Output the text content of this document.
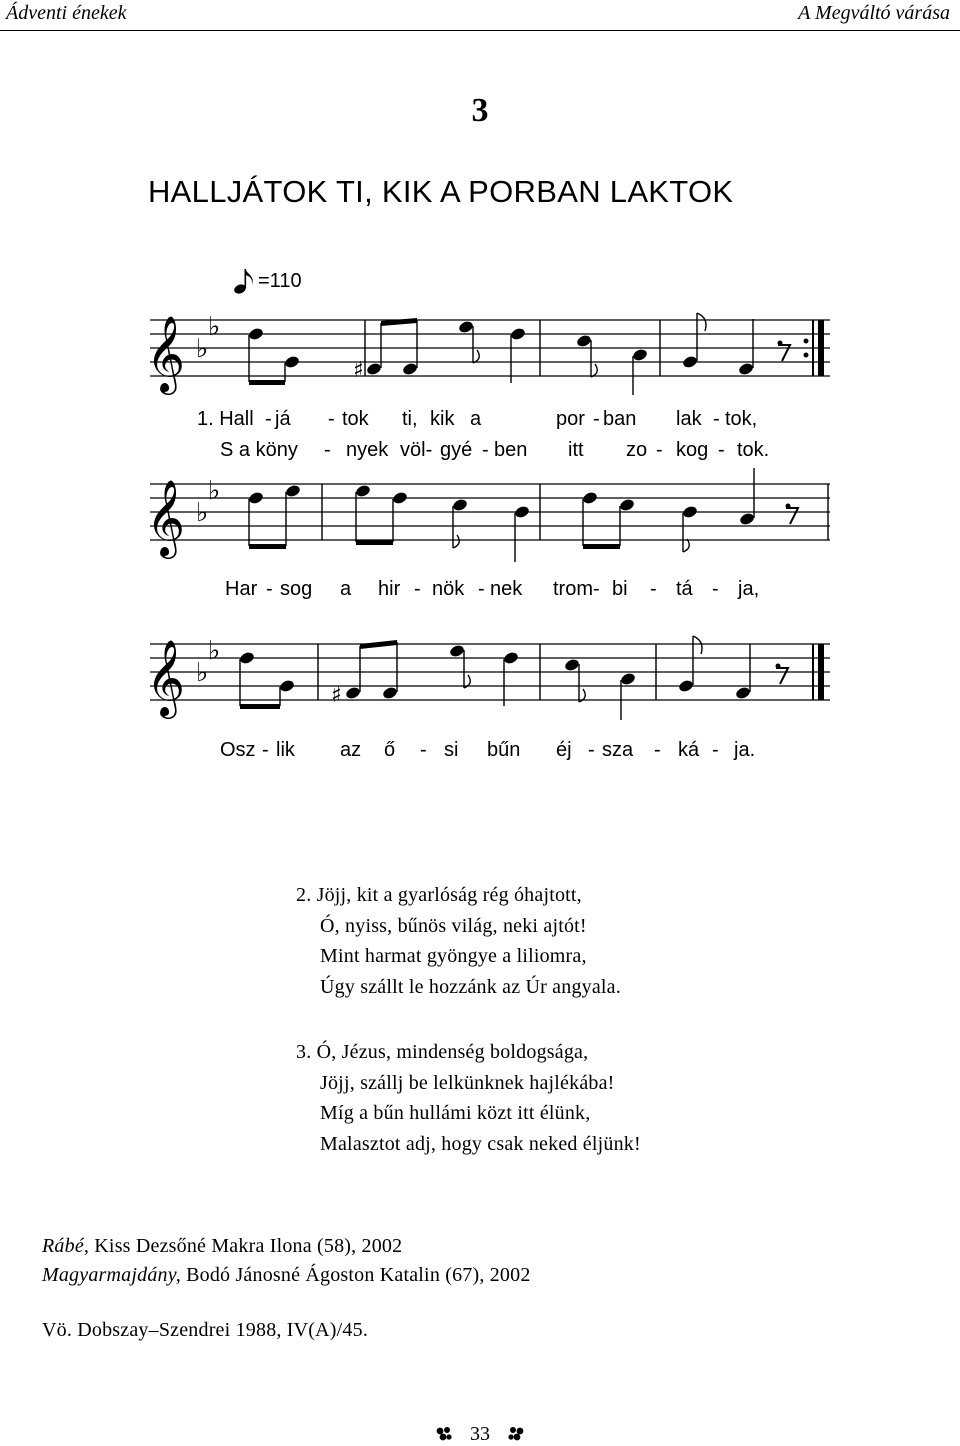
Ádventi énekek	A Megváltó várása
3
HALLJÁTOK TI, KIK A PORBAN LAKTOK
=110
𝄞 ♭
♭
♯
1. Hall - já - tok ti, kik a	por - ban lak - tok,
S a köny - nyek völ- gyé - ben itt zo - kog - tok.
𝄞 ♭
♭
Har - sog a hir - nök - nek trom- bi - tá - ja,
𝄞 ♭
♭
♯
Osz - lik az ő - si bűn éj - sza - ká - ja.
2. Jöjj, kit a gyarlóság rég óhajtott,
Ó, nyiss, bűnös világ, neki ajtót!
Mint harmat gyöngye a liliomra,
Úgy szállt le hozzánk az Úr angyala.
3. Ó, Jézus, mindenség boldogsága,
Jöjj, szállj be lelkünknek hajlékába!
Míg a bűn hullámi közt itt élünk,
Malasztot adj, hogy csak neked éljünk!
Rábé, Kiss Dezsőné Makra Ilona (58), 2002
Magyarmajdány, Bodó Jánosné Ágoston Katalin (67), 2002
Vö. Dobszay–Szendrei 1988, IV(A)/45.
33
